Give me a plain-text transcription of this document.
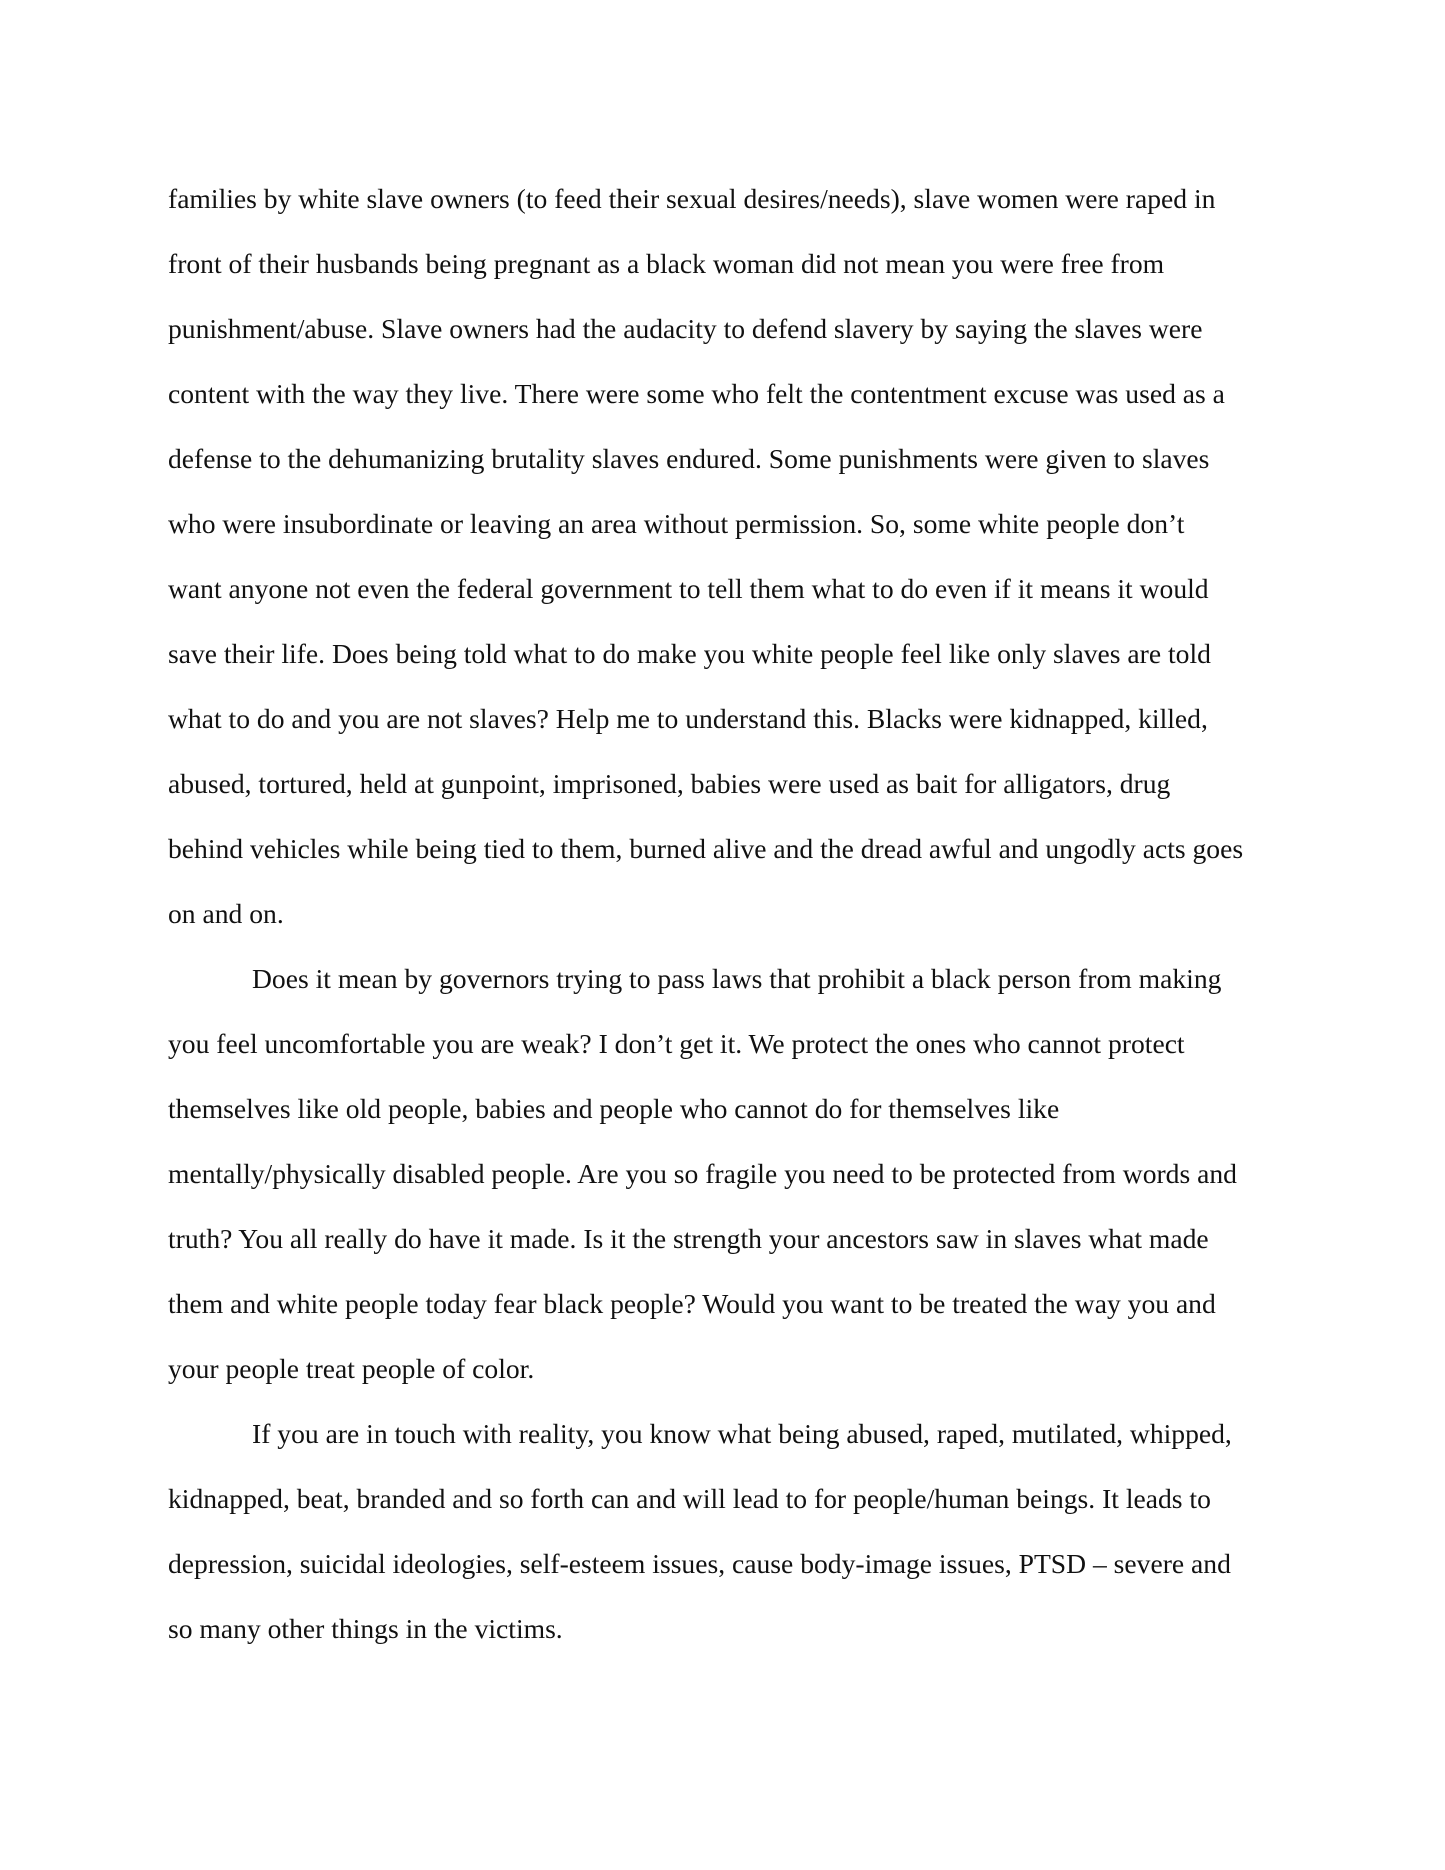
families by white slave owners (to feed their sexual desires/needs), slave women were raped in
front of their husbands being pregnant as a black woman did not mean you were free from
punishment/abuse. Slave owners had the audacity to defend slavery by saying the slaves were
content with the way they live. There were some who felt the contentment excuse was used as a
defense to the dehumanizing brutality slaves endured. Some punishments were given to slaves
who were insubordinate or leaving an area without permission. So, some white people don’t
want anyone not even the federal government to tell them what to do even if it means it would
save their life. Does being told what to do make you white people feel like only slaves are told
what to do and you are not slaves? Help me to understand this. Blacks were kidnapped, killed,
abused, tortured, held at gunpoint, imprisoned, babies were used as bait for alligators, drug
behind vehicles while being tied to them, burned alive and the dread awful and ungodly acts goes
on and on.
Does it mean by governors trying to pass laws that prohibit a black person from making
you feel uncomfortable you are weak? I don’t get it. We protect the ones who cannot protect
themselves like old people, babies and people who cannot do for themselves like
mentally/physically disabled people. Are you so fragile you need to be protected from words and
truth? You all really do have it made. Is it the strength your ancestors saw in slaves what made
them and white people today fear black people? Would you want to be treated the way you and
your people treat people of color.
If you are in touch with reality, you know what being abused, raped, mutilated, whipped,
kidnapped, beat, branded and so forth can and will lead to for people/human beings. It leads to
depression, suicidal ideologies, self-esteem issues, cause body-image issues, PTSD – severe and
so many other things in the victims.
